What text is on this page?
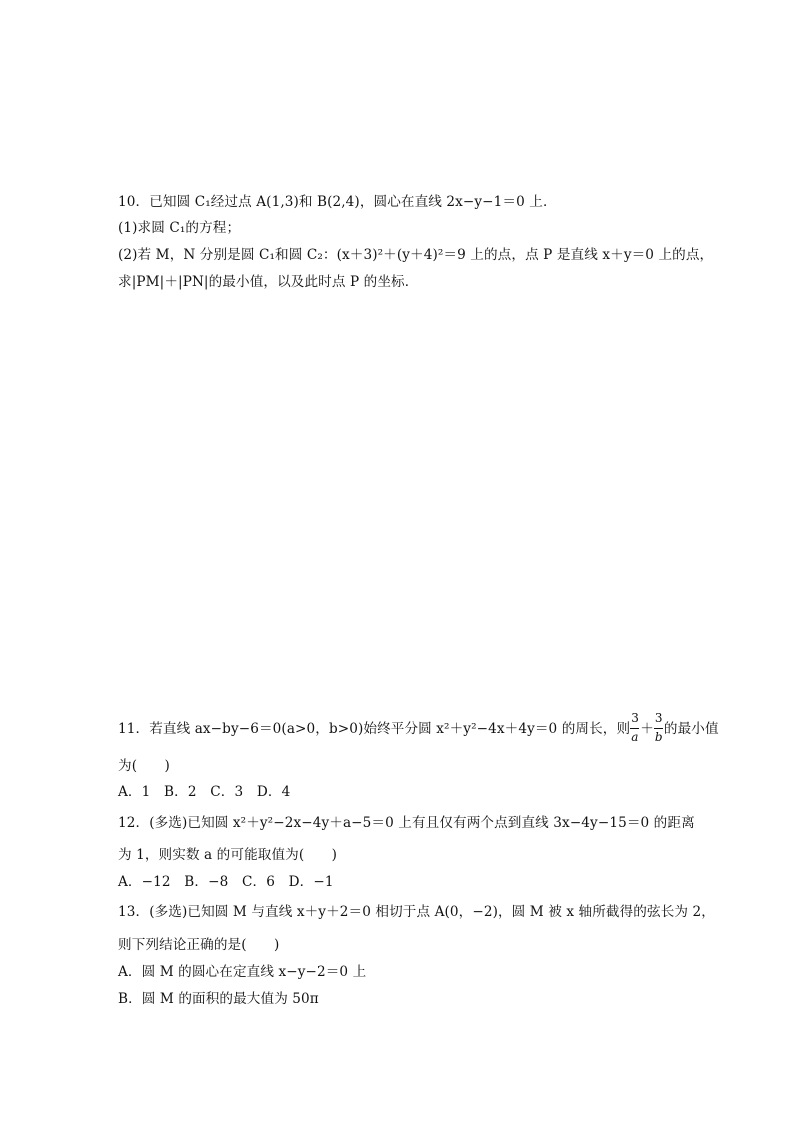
10．已知圆 C₁经过点 A(1,3)和 B(2,4)，圆心在直线 2x−y−1＝0 上．
(1)求圆 C₁的方程；
(2)若 M，N 分别是圆 C₁和圆 C₂：(x＋3)²＋(y＋4)²＝9 上的点，点 P 是直线 x＋y＝0 上的点，
求|PM|＋|PN|的最小值，以及此时点 P 的坐标．
11．若直线 ax−by−6＝0(a>0，b>0)始终平分圆 x²＋y²−4x＋4y＝0 的周长，则 $\frac{3}{a} + \frac{3}{b}$ 的最小值
为(　　)
A．1　B．2　C．3　D．4
12．(多选)已知圆 x²＋y²−2x−4y＋a−5＝0 上有且仅有两个点到直线 3x−4y−15＝0 的距离
为 1，则实数 a 的可能取值为(　　)
A．−12　B．−8　C．6　D．−1
13．(多选)已知圆 M 与直线 x＋y＋2＝0 相切于点 A(0，−2)，圆 M 被 x 轴所截得的弦长为 2，
则下列结论正确的是(　　)
A．圆 M 的圆心在定直线 x−y−2＝0 上
B．圆 M 的面积的最大值为 50π
